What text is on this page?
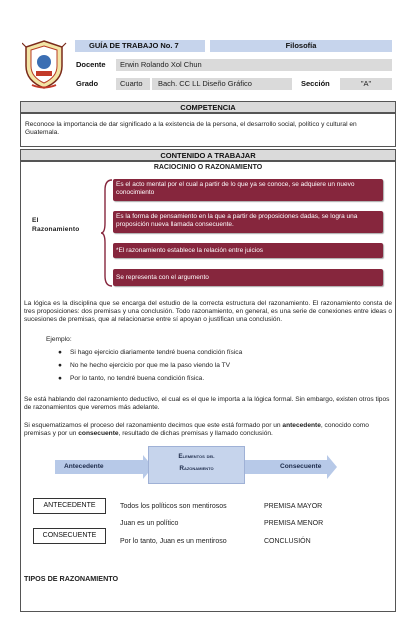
GUÍA DE TRABAJO No. 7	Filosofía
Docente	Erwin Rolando Xol Chun
Grado	Cuarto	Bach. CC LL Diseño Gráfico	Sección	"A"
COMPETENCIA
Reconoce la importancia de dar significado a la existencia de la persona, el desarrollo social, político y cultural en Guatemala.
CONTENIDO A TRABAJAR
RACIOCINIO O RAZONAMIENTO
El
Razonamiento
Es el acto mental por el cual a partir de lo que ya se conoce, se adquiere un nuevo conocimiento
Es la forma de pensamiento en la que a partir de proposiciones dadas, se logra una proposición nueva llamada consecuente.
*El razonamiento establece la relación entre juicios
Se representa con el argumento
La lógica es la disciplina que se encarga del estudio de la correcta estructura del razonamiento. El razonamiento consta de tres proposiciones: dos premisas y una conclusión. Todo razonamiento, en general, es una serie de conexiones entre ideas o sucesiones de premisas, que al relacionarse entre sí apoyan o justifican una conclusión.
Ejemplo:
● Si hago ejercicio diariamente tendré buena condición física
● No he hecho ejercicio por que me la paso viendo la TV
● Por lo tanto, no tendré buena condición física.
Se está hablando del razonamiento deductivo, el cual es el que le importa a la lógica formal. Sin embargo, existen otros tipos de razonamientos que veremos más adelante.
Si esquematizamos el proceso del razonamiento decimos que este está formado por un antecedente, conocido como premisas y por un consecuente, resultado de dichas premisas y llamado conclusión.
Antecedente
Elementos del
Razonamiento	Consecuente
ANTECEDENTE
CONSECUENTE
Todos los políticos son mentirosos	PREMISA MAYOR
Juan es un político	PREMISA MENOR
Por lo tanto, Juan es un mentiroso	CONCLUSIÓN
TIPOS DE RAZONAMIENTO
